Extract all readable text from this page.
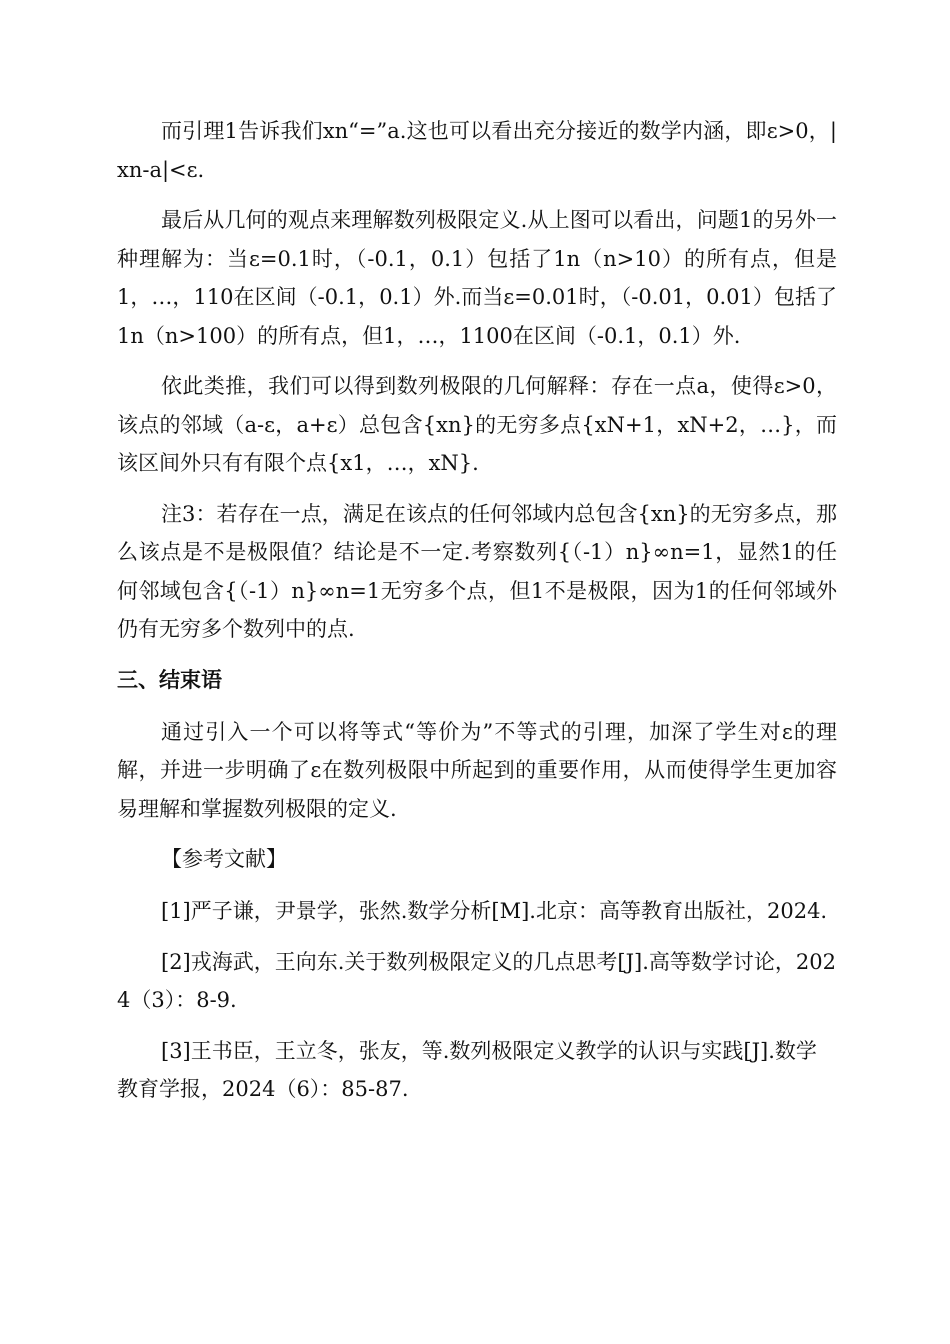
而引理1告诉我们xn“=”a.这也可以看出充分接近的数学内涵，即ε>0，|xn-a|<ε.

最后从几何的观点来理解数列极限定义.从上图可以看出，问题1的另外一种理解为：当ε=0.1时，（-0.1，0.1）包括了1n（n>10）的所有点，但是1，…，110在区间（-0.1，0.1）外.而当ε=0.01时，（-0.01，0.01）包括了1n（n>100）的所有点，但1，…，1100在区间（-0.1，0.1）外.

依此类推，我们可以得到数列极限的几何解释：存在一点a，使得ε>0，该点的邻域（a-ε，a+ε）总包含{xn}的无穷多点{xN+1，xN+2，…}，而该区间外只有有限个点{x1，…，xN}.

注3：若存在一点，满足在该点的任何邻域内总包含{xn}的无穷多点，那么该点是不是极限值？结论是不一定.考察数列{（-1）n}∞n=1，显然1的任何邻域包含{（-1）n}∞n=1无穷多个点，但1不是极限，因为1的任何邻域外仍有无穷多个数列中的点.

三、结束语

通过引入一个可以将等式“等价为”不等式的引理，加深了学生对ε的理解，并进一步明确了ε在数列极限中所起到的重要作用，从而使得学生更加容易理解和掌握数列极限的定义.

【参考文献】

[1]严子谦，尹景学，张然.数学分析[M].北京：高等教育出版社，2024.

[2]戎海武，王向东.关于数列极限定义的几点思考[J].高等数学讨论，2024（3）：8-9.

[3]王书臣，王立冬，张友，等.数列极限定义教学的认识与实践[J].数学教育学报，2024（6）：85-87.
